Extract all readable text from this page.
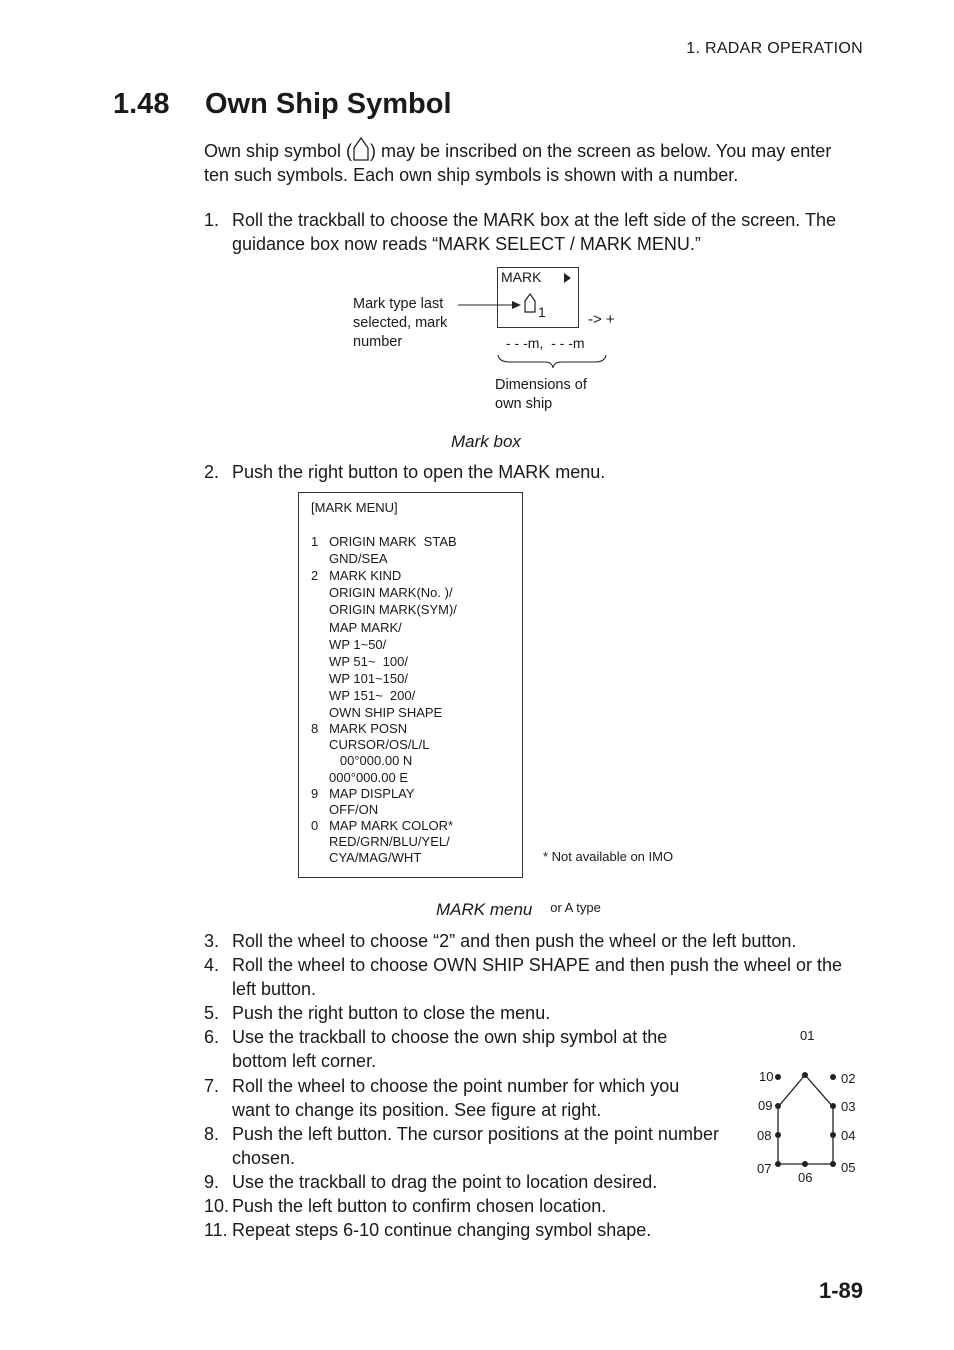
1. RADAR OPERATION
1.48 Own Ship Symbol
Own ship symbol ( ) may be inscribed on the screen as below. You may enter
ten such symbols. Each own ship symbols is shown with a number.
1. Roll the trackball to choose the MARK box at the left side of the screen. The guidance box now reads “MARK SELECT / MARK MENU.”
MARK
1
Mark type last
selected, mark
number
-> +
- - -m,  - - -m
Dimensions of
own ship
Mark box
2. Push the right button to open the MARK menu.
[MARK MENU]
1   ORIGIN MARK  STAB
GND/SEA
2   MARK KIND
ORIGIN MARK(No. )/
ORIGIN MARK(SYM)/
MAP MARK/
WP 1~50/
WP 51~  100/
WP 101~150/
WP 151~  200/
OWN SHIP SHAPE
8   MARK POSN
CURSOR/OS/L/L
00°000.00 N
000°000.00 E
9   MAP DISPLAY
OFF/ON
0   MAP MARK COLOR*
RED/GRN/BLU/YEL/
CYA/MAG/WHT

	* Not available on IMO

or A type

MARK menu
3. Roll the wheel to choose “2” and then push the wheel or the left button.
4. Roll the wheel to choose OWN SHIP SHAPE and then push the wheel or the left button.
5. Push the right button to close the menu.
6. Use the trackball to choose the own ship symbol at the bottom left corner.
7. Roll the wheel to choose the point number for which you want to change its position. See figure at right.
8. Push the left button. The cursor positions at the point number chosen.
9. Use the trackball to drag the point to location desired.
10. Push the left button to confirm chosen location.
11. Repeat steps 6-10 continue changing symbol shape.
01
02
03
04
05
06
07
08
09
10
1-89
